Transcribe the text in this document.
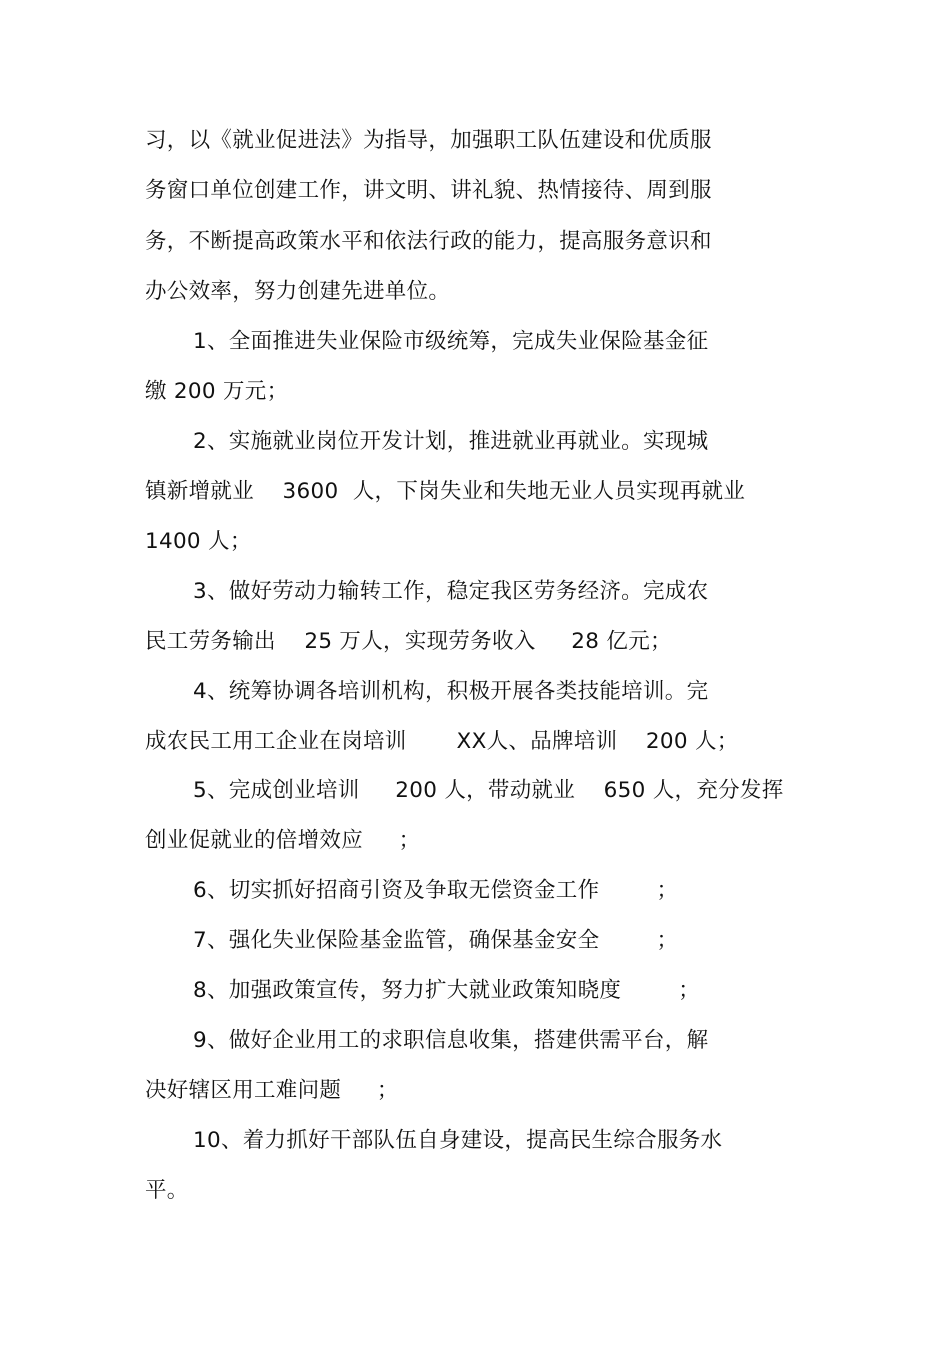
习，以《就业促进法》为指导，加强职工队伍建设和优质服
务窗口单位创建工作，讲文明、讲礼貌、热情接待、周到服
务，不断提高政策水平和依法行政的能力，提高服务意识和
办公效率，努力创建先进单位。
1、全面推进失业保险市级统筹，完成失业保险基金征
缴 200 万元；
2、实施就业岗位开发计划，推进就业再就业。实现城
镇新增就业    3600  人，下岗失业和失地无业人员实现再就业
1400 人；
3、做好劳动力输转工作，稳定我区劳务经济。完成农
民工劳务输出    25 万人，实现劳务收入     28 亿元；
4、统筹协调各培训机构，积极开展各类技能培训。完
成农民工用工企业在岗培训       XX人、品牌培训    200 人；
5、完成创业培训     200 人，带动就业    650 人，充分发挥
创业促就业的倍增效应     ；
6、切实抓好招商引资及争取无偿资金工作        ；
7、强化失业保险基金监管，确保基金安全        ；
8、加强政策宣传，努力扩大就业政策知晓度        ；
9、做好企业用工的求职信息收集，搭建供需平台，解
决好辖区用工难问题     ；
10、着力抓好干部队伍自身建设，提高民生综合服务水
平。
